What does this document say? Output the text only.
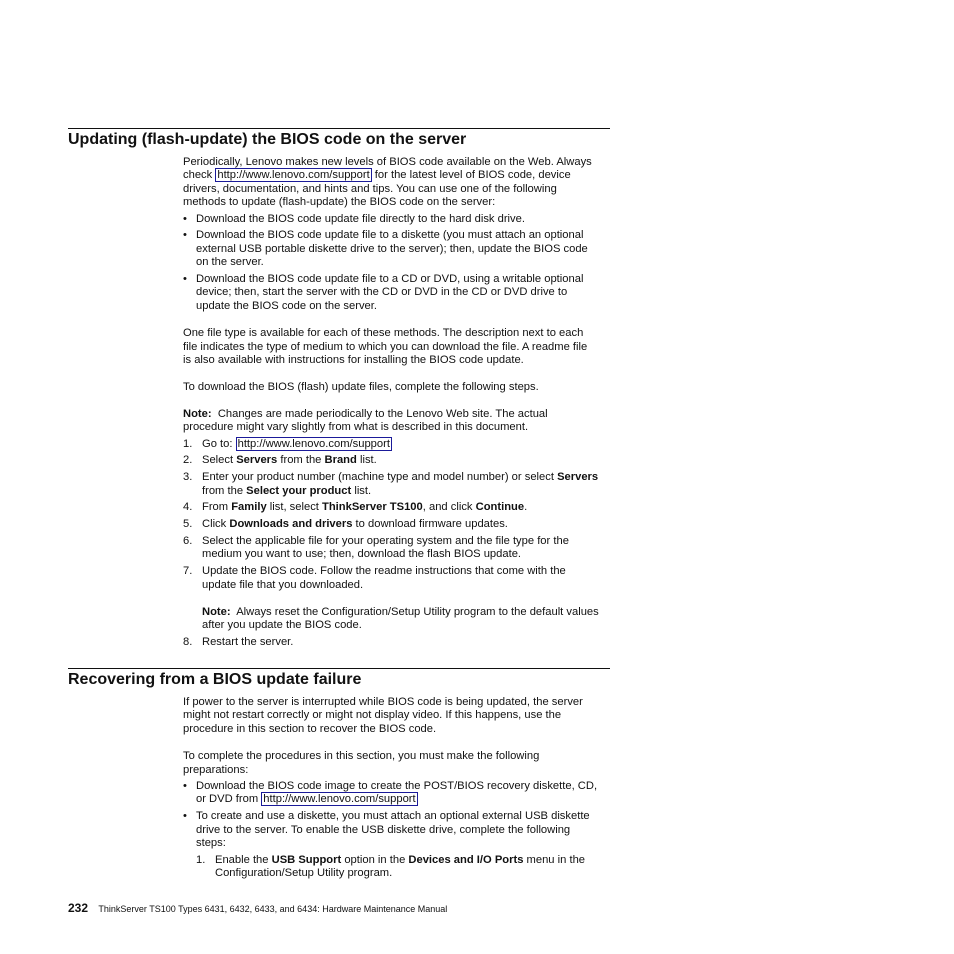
Updating (flash-update) the BIOS code on the server

Periodically, Lenovo makes new levels of BIOS code available on the Web. Always
check http://www.lenovo.com/support for the latest level of BIOS code, device
drivers, documentation, and hints and tips. You can use one of the following
methods to update (flash-update) the BIOS code on the server:

• Download the BIOS code update file directly to the hard disk drive.
• Download the BIOS code update file to a diskette (you must attach an optional
external USB portable diskette drive to the server); then, update the BIOS code
on the server.
• Download the BIOS code update file to a CD or DVD, using a writable optional
device; then, start the server with the CD or DVD in the CD or DVD drive to
update the BIOS code on the server.

One file type is available for each of these methods. The description next to each
file indicates the type of medium to which you can download the file. A readme file
is also available with instructions for installing the BIOS code update.

To download the BIOS (flash) update files, complete the following steps.

Note: Changes are made periodically to the Lenovo Web site. The actual
procedure might vary slightly from what is described in this document.

1. Go to: http://www.lenovo.com/support
2. Select Servers from the Brand list.
3. Enter your product number (machine type and model number) or select Servers
from the Select your product list.
4. From Family list, select ThinkServer TS100, and click Continue.
5. Click Downloads and drivers to download firmware updates.
6. Select the applicable file for your operating system and the file type for the
medium you want to use; then, download the flash BIOS update.
7. Update the BIOS code. Follow the readme instructions that come with the
update file that you downloaded.
Note: Always reset the Configuration/Setup Utility program to the default values
after you update the BIOS code.
8. Restart the server.
Recovering from a BIOS update failure

If power to the server is interrupted while BIOS code is being updated, the server
might not restart correctly or might not display video. If this happens, use the
procedure in this section to recover the BIOS code.

To complete the procedures in this section, you must make the following
preparations:

• Download the BIOS code image to create the POST/BIOS recovery diskette, CD,
or DVD from http://www.lenovo.com/support
• To create and use a diskette, you must attach an optional external USB diskette
drive to the server. To enable the USB diskette drive, complete the following
steps:
1. Enable the USB Support option in the Devices and I/O Ports menu in the
Configuration/Setup Utility program.
232 ThinkServer TS100 Types 6431, 6432, 6433, and 6434: Hardware Maintenance Manual
